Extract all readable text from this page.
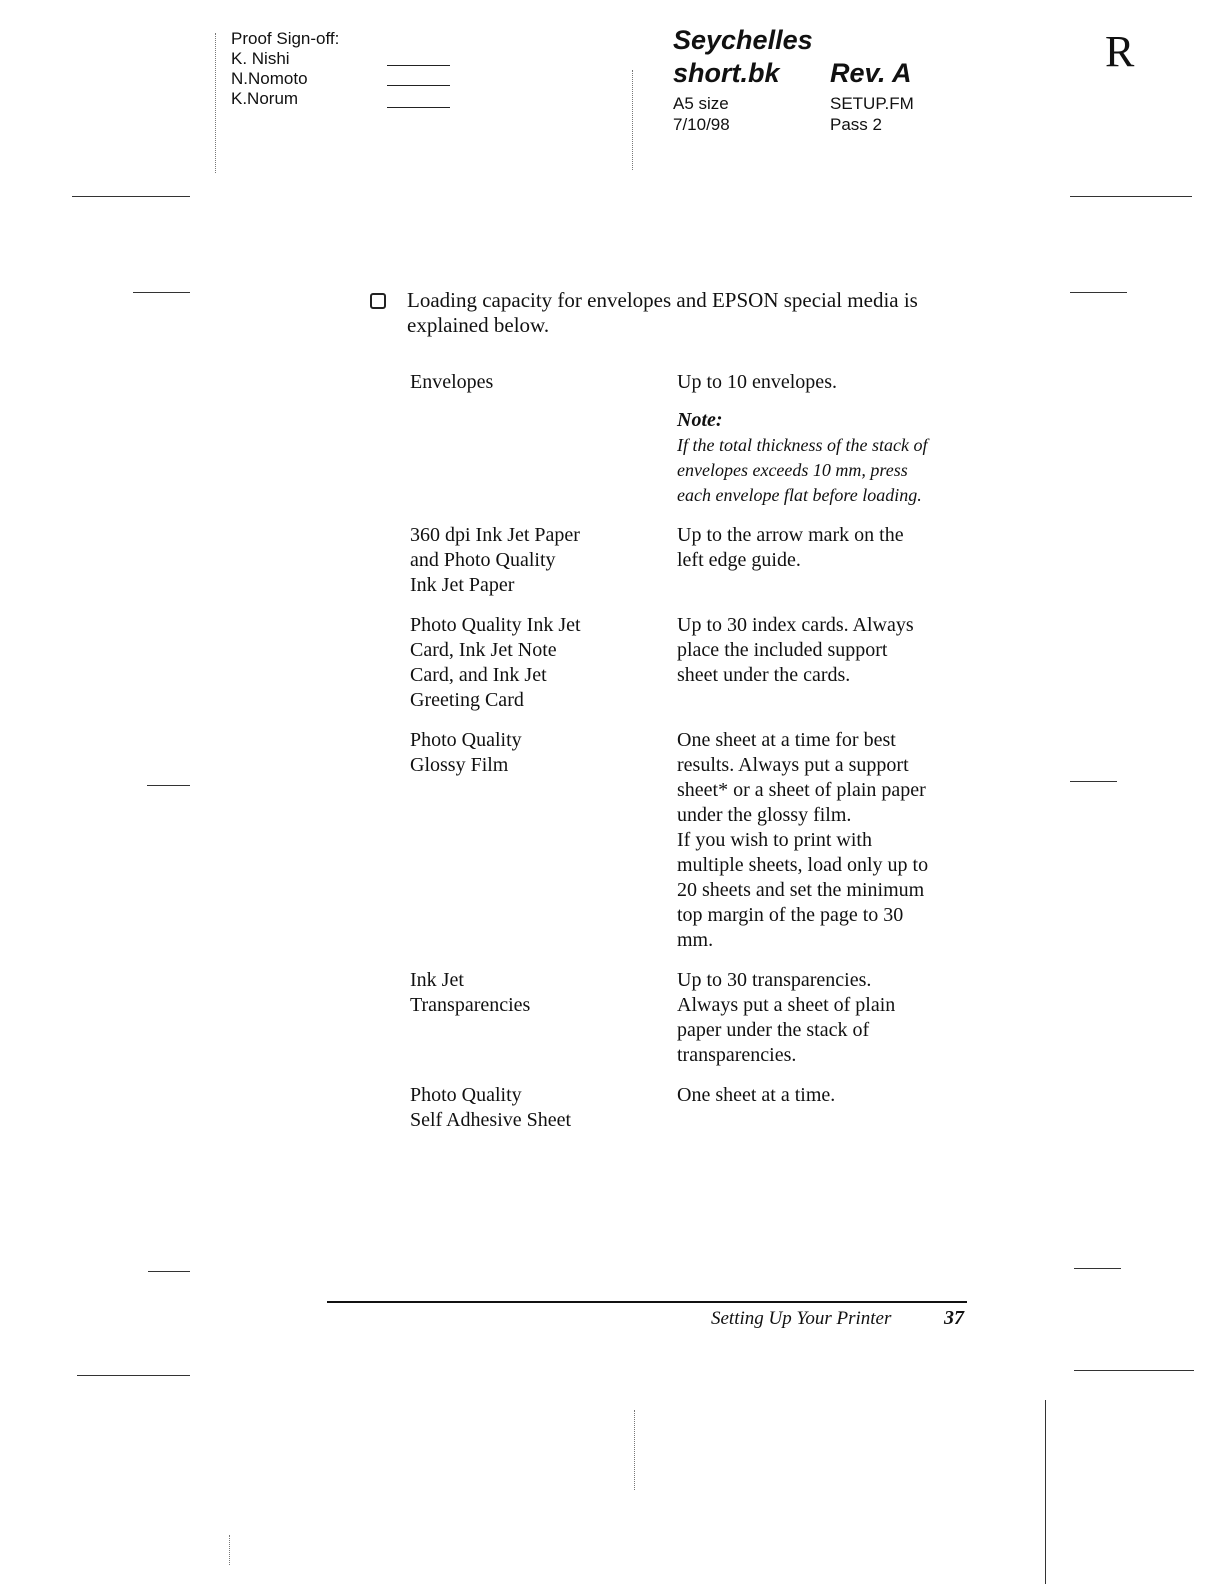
Proof Sign-off:
K. Nishi
N.Nomoto
K.Norum
Seychelles
short.bk Rev. A
A5 size
7/10/98
SETUP.FM
Pass 2
R
Loading capacity for envelopes and EPSON special media is explained below.
Envelopes	Up to 10 envelopes.
Note:
If the total thickness of the stack of
envelopes exceeds 10 mm, press
each envelope flat before loading.
360 dpi Ink Jet Paper
and Photo Quality
Ink Jet Paper
Up to the arrow mark on the
left edge guide.
Photo Quality Ink Jet
Card, Ink Jet Note
Card, and Ink Jet
Greeting Card
Up to 30 index cards. Always
place the included support
sheet under the cards.
Photo Quality
Glossy Film
One sheet at a time for best
results. Always put a support
sheet* or a sheet of plain paper
under the glossy film.
If you wish to print with
multiple sheets, load only up to
20 sheets and set the minimum
top margin of the page to 30
mm.
Ink Jet
Transparencies
Up to 30 transparencies.
Always put a sheet of plain
paper under the stack of
transparencies.
Photo Quality
Self Adhesive Sheet
One sheet at a time.
Setting Up Your Printer	37
